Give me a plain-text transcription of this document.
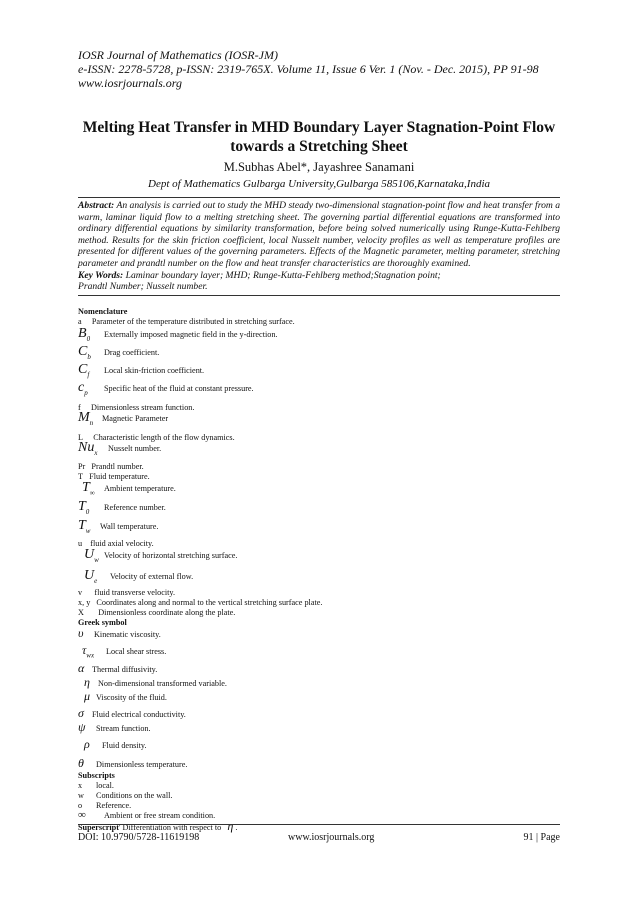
IOSR Journal of Mathematics (IOSR-JM)
e-ISSN: 2278-5728, p-ISSN: 2319-765X. Volume 11, Issue 6 Ver. 1 (Nov. - Dec. 2015), PP 91-98
www.iosrjournals.org
Melting Heat Transfer in MHD Boundary Layer Stagnation-Point Flow towards a Stretching Sheet
M.Subhas Abel*, Jayashree Sanamani
Dept of Mathematics Gulbarga University,Gulbarga 585106,Karnataka,India
Abstract: An analysis is carried out to study the MHD steady two-dimensional stagnation-point flow and heat transfer from a warm, laminar liquid flow to a melting stretching sheet. The governing partial differential equations are transformed into ordinary differential equations by similarity transformation, before being solved numerically using Runge-Kutta-Fehlberg method. Results for the skin friction coefficient, local Nusselt number, velocity profiles as well as temperature profiles are presented for different values of the governing parameters. Effects of the Magnetic parameter, melting parameter, stretching parameter and prandtl number on the flow and heat transfer characteristics are thoroughly examined.
Key Words: Laminar boundary layer; MHD; Runge-Kutta-Fehlberg method;Stagnation point;
Prandtl Number; Nusselt number.
Nomenclature
a Parameter of the temperature distributed in stretching surface.
$B_0$ Externally imposed magnetic field in the y-direction.
$C_b$ Drag coefficient.
$C_f$ Local skin-friction coefficient.
$c_p$ Specific heat of the fluid at constant pressure.
f Dimensionless stream function.
$M_n$ Magnetic Parameter
L Characteristic length of the flow dynamics.
$Nu_x$ Nusselt number.
Pr Prandtl number.
T Fluid temperature.
$T_\infty$ Ambient temperature.
$T_0$ Reference number.
$T_w$ Wall temperature.
u fluid axial velocity.
$U_w$ Velocity of horizontal stretching surface.
$U_e$ Velocity of external flow.
v fluid transverse velocity.
x, y Coordinates along and normal to the vertical stretching surface plate.
X Dimensionless coordinate along the plate.
Greek symbol
υ Kinematic viscosity.
$\tau_{wx}$ Local shear stress.
α Thermal diffusivity.
η Non-dimensional transformed variable.
μ Viscosity of the fluid.
σ Fluid electrical conductivity.
ψ Stream function.
ρ Fluid density.
θ Dimensionless temperature.
Subscripts
x local.
w Conditions on the wall.
o Reference.
∞ Ambient or free stream condition.
Superscript' Differentiation with respect to η .
DOI: 10.9790/5728-11619198	www.iosrjournals.org	91 | Page
